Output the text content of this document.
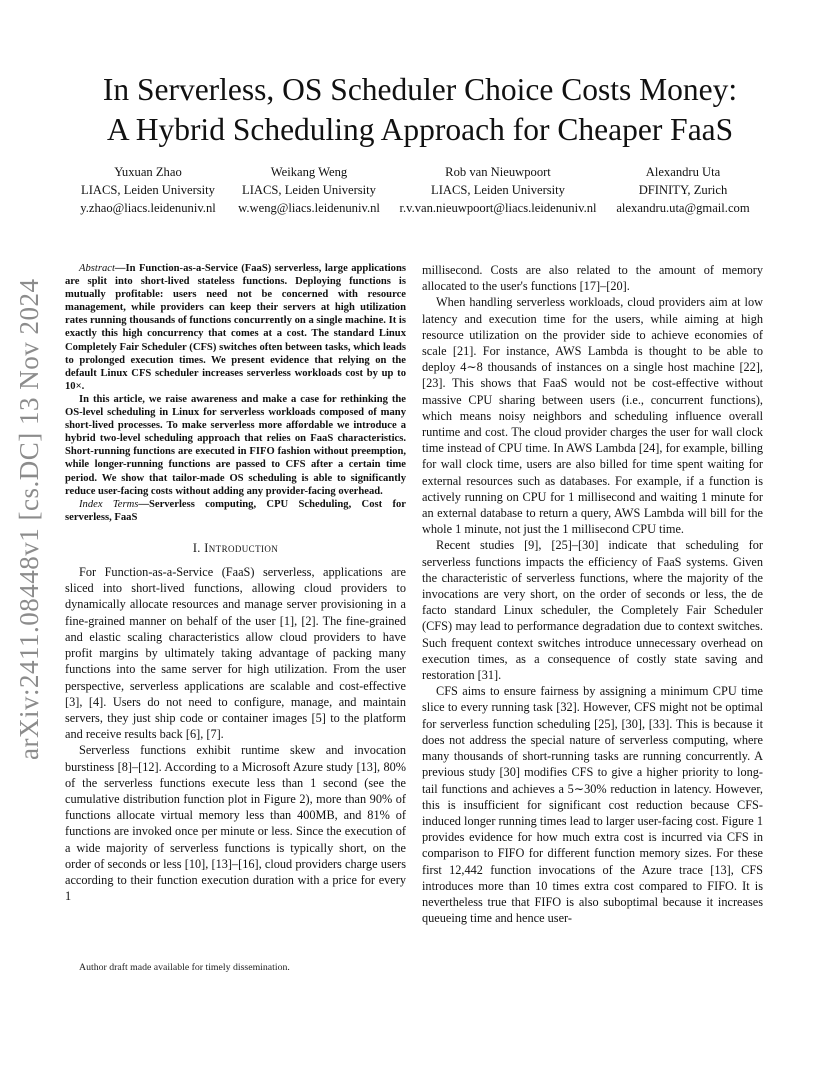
arXiv:2411.08448v1 [cs.DC] 13 Nov 2024
In Serverless, OS Scheduler Choice Costs Money:
A Hybrid Scheduling Approach for Cheaper FaaS
Yuxuan Zhao
LIACS, Leiden University
y.zhao@liacs.leidenuniv.nl
Weikang Weng
LIACS, Leiden University
w.weng@liacs.leidenuniv.nl
Rob van Nieuwpoort
LIACS, Leiden University
r.v.van.nieuwpoort@liacs.leidenuniv.nl
Alexandru Uta
DFINITY, Zurich
alexandru.uta@gmail.com

Abstract—In Function-as-a-Service (FaaS) serverless, large applications are split into short-lived stateless functions. Deploying functions is mutually profitable: users need not be concerned with resource management, while providers can keep their servers at high utilization rates running thousands of functions concurrently on a single machine. It is exactly this high concurrency that comes at a cost. The standard Linux Completely Fair Scheduler (CFS) switches often between tasks, which leads to prolonged execution times. We present evidence that relying on the default Linux CFS scheduler increases serverless workloads cost by up to 10×.

In this article, we raise awareness and make a case for rethinking the OS-level scheduling in Linux for serverless workloads composed of many short-lived processes. To make serverless more affordable we introduce a hybrid two-level scheduling approach that relies on FaaS characteristics. Short-running functions are executed in FIFO fashion without preemption, while longer-running functions are passed to CFS after a certain time period. We show that tailor-made OS scheduling is able to significantly reduce user-facing costs without adding any provider-facing overhead.

Index Terms—Serverless computing, CPU Scheduling, Cost for serverless, FaaS

I. Introduction

For Function-as-a-Service (FaaS) serverless, applications are sliced into short-lived functions, allowing cloud providers to dynamically allocate resources and manage server provisioning in a fine-grained manner on behalf of the user [1], [2]. The fine-grained and elastic scaling characteristics allow cloud providers to have profit margins by ultimately taking advantage of packing many functions into the same server for high utilization. From the user perspective, serverless applications are scalable and cost-effective [3], [4]. Users do not need to configure, manage, and maintain servers, they just ship code or container images [5] to the platform and receive results back [6], [7].

Serverless functions exhibit runtime skew and invocation burstiness [8]–[12]. According to a Microsoft Azure study [13], 80% of the serverless functions execute less than 1 second (see the cumulative distribution function plot in Figure 2), more than 90% of functions allocate virtual memory less than 400MB, and 81% of functions are invoked once per minute or less. Since the execution of a wide majority of serverless functions is typically short, on the order of seconds or less [10], [13]–[16], cloud providers charge users according to their function execution duration with a price for every 1

millisecond. Costs are also related to the amount of memory allocated to the user's functions [17]–[20].

When handling serverless workloads, cloud providers aim at low latency and execution time for the users, while aiming at high resource utilization on the provider side to achieve economies of scale [21]. For instance, AWS Lambda is thought to be able to deploy 4∼8 thousands of instances on a single host machine [22], [23]. This shows that FaaS would not be cost-effective without massive CPU sharing between users (i.e., concurrent functions), which means noisy neighbors and scheduling influence overall runtime and cost. The cloud provider charges the user for wall clock time instead of CPU time. In AWS Lambda [24], for example, billing for wall clock time, users are also billed for time spent waiting for external resources such as databases. For example, if a function is actively running on CPU for 1 millisecond and waiting 1 minute for an external database to return a query, AWS Lambda will bill for the whole 1 minute, not just the 1 millisecond CPU time.

Recent studies [9], [25]–[30] indicate that scheduling for serverless functions impacts the efficiency of FaaS systems. Given the characteristic of serverless functions, where the majority of the invocations are very short, on the order of seconds or less, the de facto standard Linux scheduler, the Completely Fair Scheduler (CFS) may lead to performance degradation due to context switches. Such frequent context switches introduce unnecessary overhead on execution times, as a consequence of costly state saving and restoration [31].

CFS aims to ensure fairness by assigning a minimum CPU time slice to every running task [32]. However, CFS might not be optimal for serverless function scheduling [25], [30], [33]. This is because it does not address the special nature of serverless computing, where many thousands of short-running tasks are running concurrently. A previous study [30] modifies CFS to give a higher priority to long-tail functions and achieves a 5∼30% reduction in latency. However, this is insufficient for significant cost reduction because CFS-induced longer running times lead to larger user-facing cost. Figure 1 provides evidence for how much extra cost is incurred via CFS in comparison to FIFO for different function memory sizes. For these first 12,442 function invocations of the Azure trace [13], CFS introduces more than 10 times extra cost compared to FIFO. It is nevertheless true that FIFO is also suboptimal because it increases queueing time and hence user-

Author draft made available for timely dissemination.
